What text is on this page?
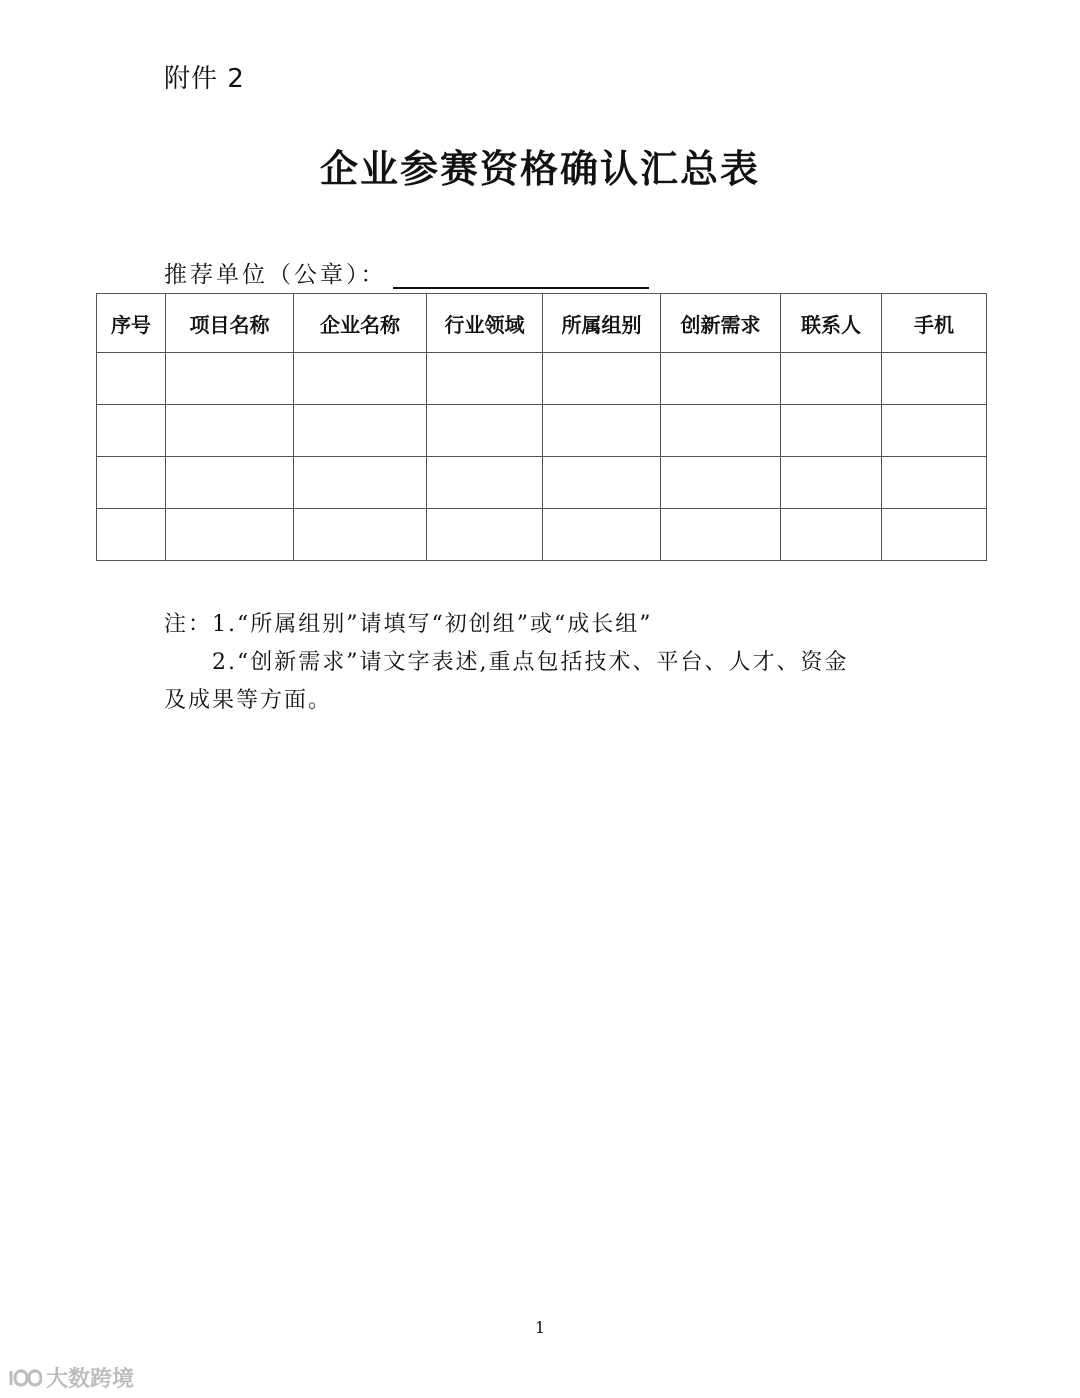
附件 2
企业参赛资格确认汇总表
推荐单位（公章）：
序号	项目名称	企业名称	行业领域	所属组别	创新需求	联系人	手机

注：1.“所属组别”请填写“初创组”或“成长组”
2.“创新需求”请文字表述,重点包括技术、平台、人才、资金
及成果等方面。
1
大数跨境
